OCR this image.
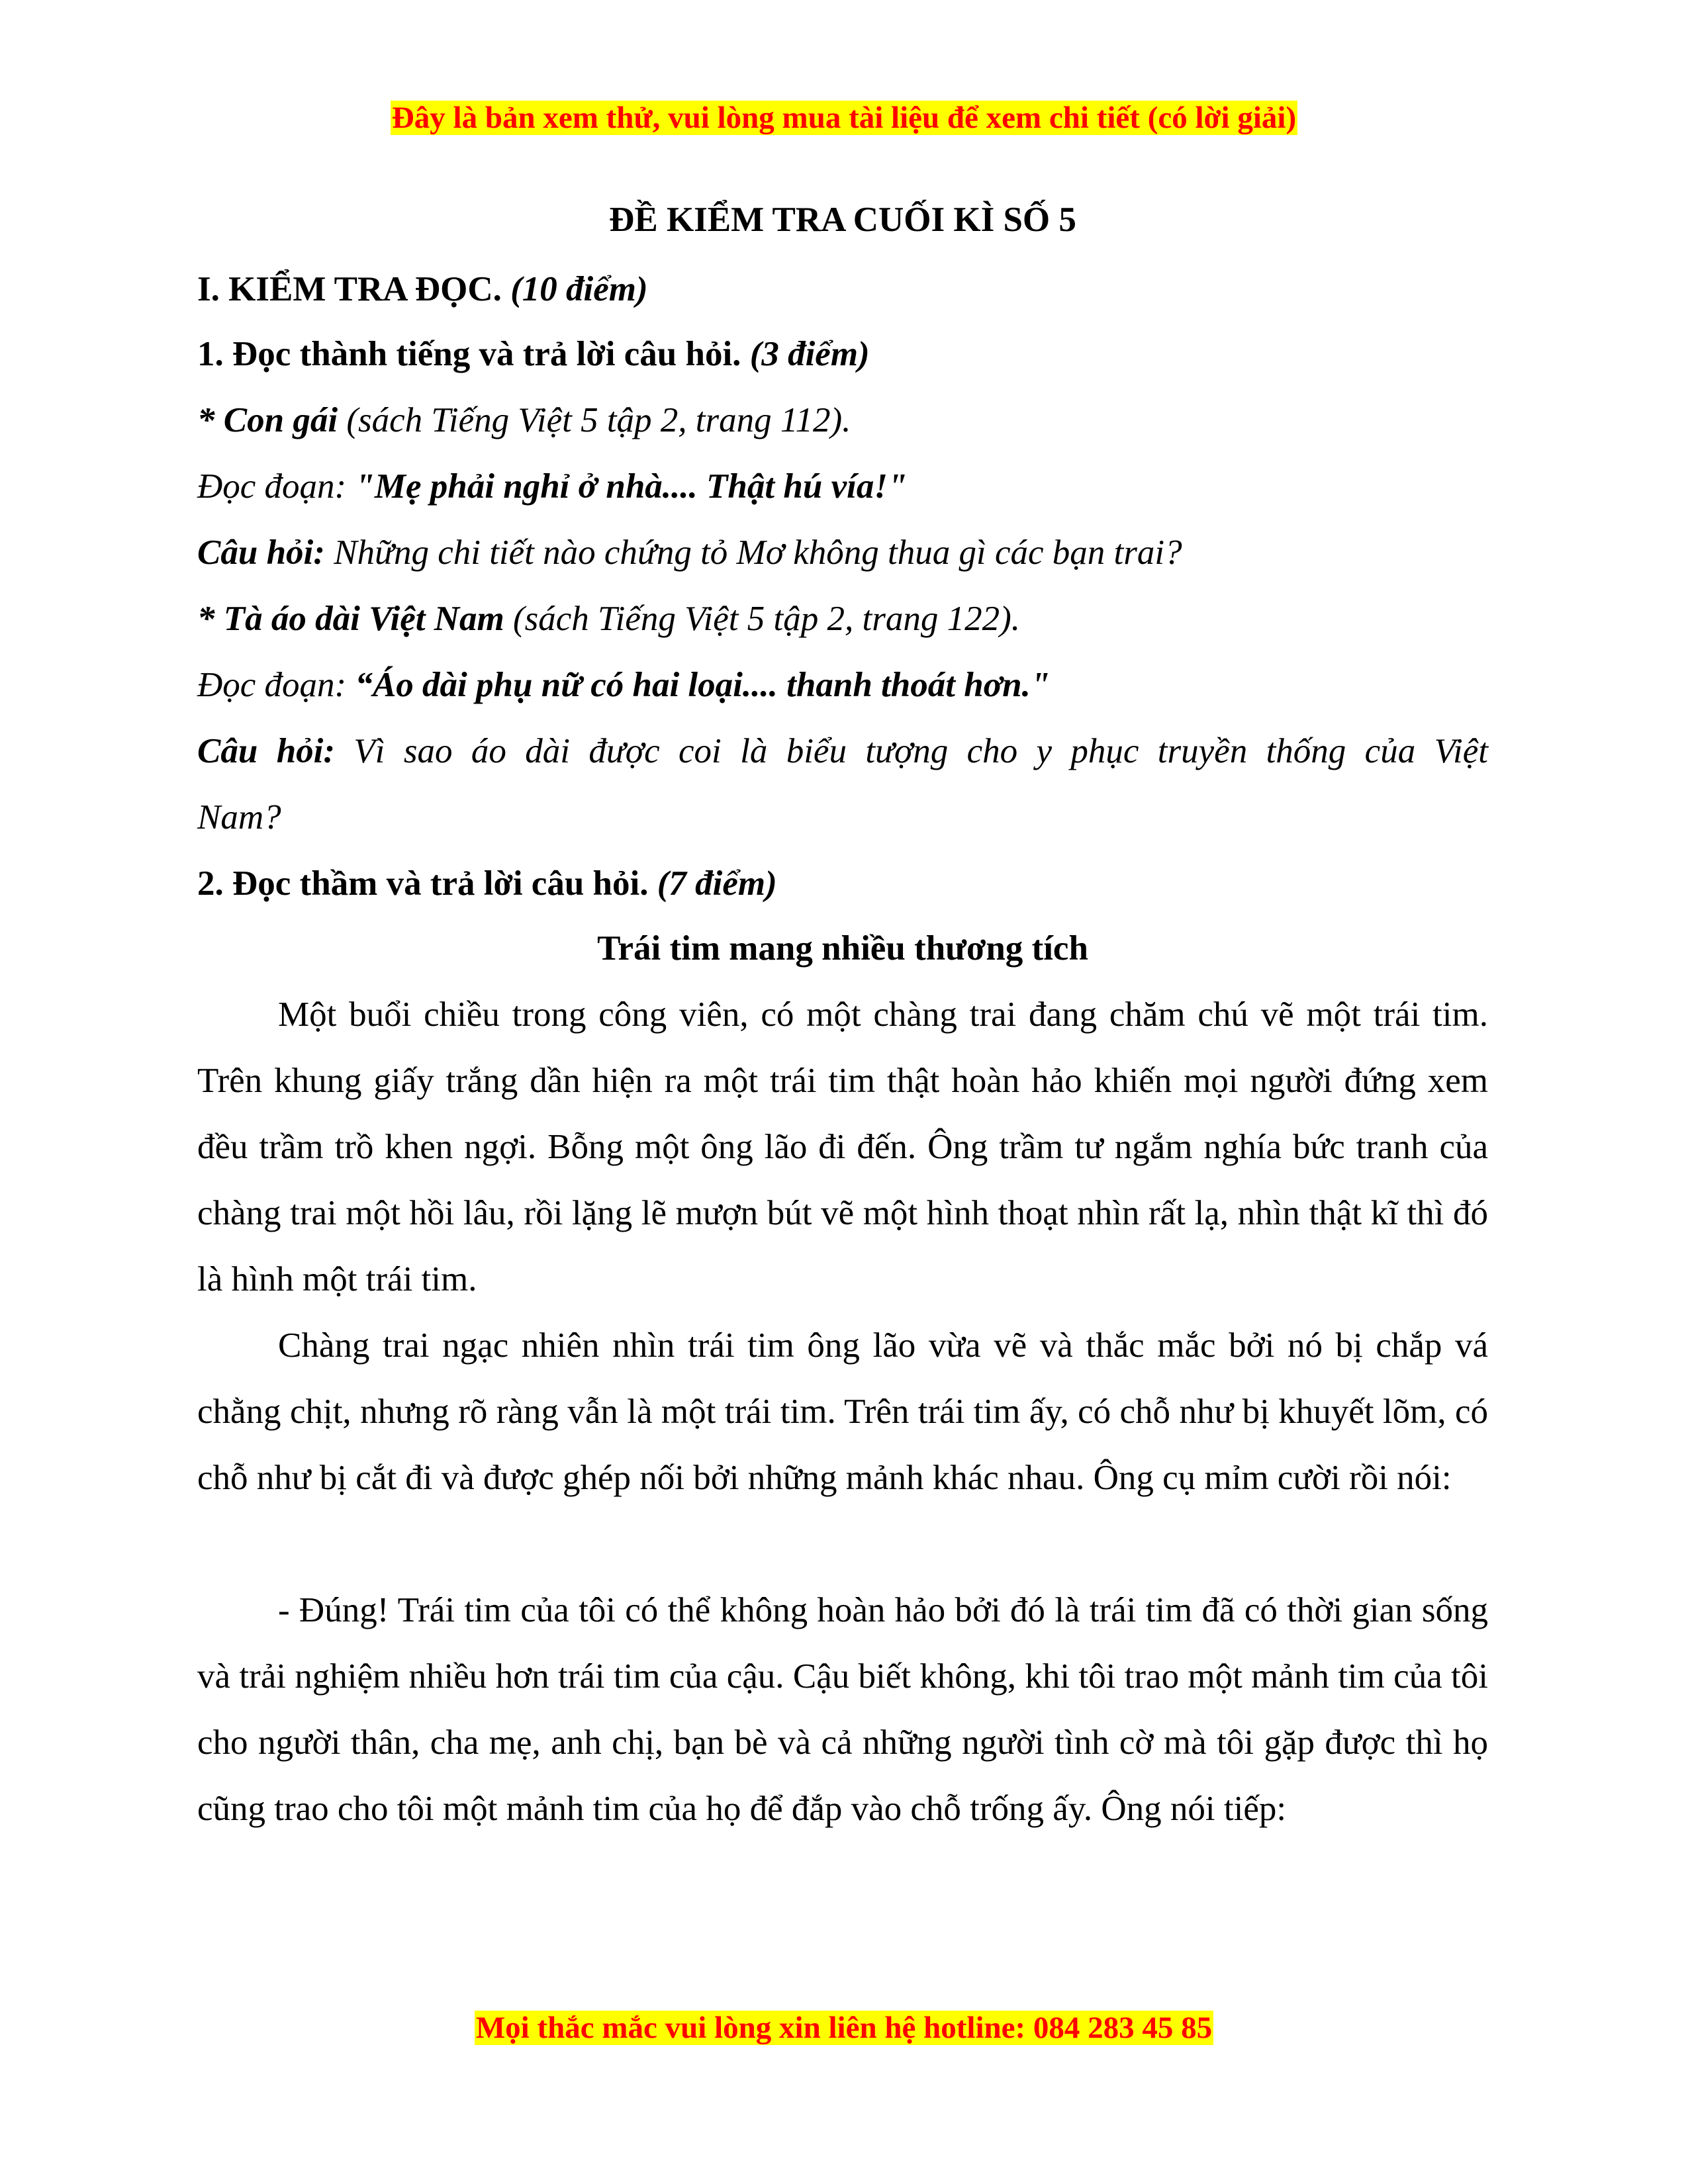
Đây là bản xem thử, vui lòng mua tài liệu để xem chi tiết (có lời giải)
ĐỀ KIỂM TRA CUỐI KÌ SỐ 5
I. KIỂM TRA ĐỌC. (10 điểm)
1. Đọc thành tiếng và trả lời câu hỏi. (3 điểm)
* Con gái (sách Tiếng Việt 5 tập 2, trang 112).
Đọc đoạn: "Mẹ phải nghỉ ở nhà.... Thật hú vía!"
Câu hỏi: Những chi tiết nào chứng tỏ Mơ không thua gì các bạn trai?
* Tà áo dài Việt Nam (sách Tiếng Việt 5 tập 2, trang 122).
Đọc đoạn: “Áo dài phụ nữ có hai loại.... thanh thoát hơn."
Câu hỏi: Vì sao áo dài được coi là biểu tượng cho y phục truyền thống của Việt
Nam?
2. Đọc thầm và trả lời câu hỏi. (7 điểm)
Trái tim mang nhiều thương tích

Một buổi chiều trong công viên, có một chàng trai đang chăm chú vẽ một trái tim. Trên khung giấy trắng dần hiện ra một trái tim thật hoàn hảo khiến mọi người đứng xem đều trầm trồ khen ngợi. Bỗng một ông lão đi đến. Ông trầm tư ngắm nghía bức tranh của chàng trai một hồi lâu, rồi lặng lẽ mượn bút vẽ một hình thoạt nhìn rất lạ, nhìn thật kĩ thì đó là hình một trái tim.

Chàng trai ngạc nhiên nhìn trái tim ông lão vừa vẽ và thắc mắc bởi nó bị chắp vá chằng chịt, nhưng rõ ràng vẫn là một trái tim. Trên trái tim ấy, có chỗ như bị khuyết lõm, có chỗ như bị cắt đi và được ghép nối bởi những mảnh khác nhau. Ông cụ mỉm cười rồi nói:

- Đúng! Trái tim của tôi có thể không hoàn hảo bởi đó là trái tim đã có thời gian sống và trải nghiệm nhiều hơn trái tim của cậu. Cậu biết không, khi tôi trao một mảnh tim của tôi cho người thân, cha mẹ, anh chị, bạn bè và cả những người tình cờ mà tôi gặp được thì họ cũng trao cho tôi một mảnh tim của họ để đắp vào chỗ trống ấy. Ông nói tiếp:

Mọi thắc mắc vui lòng xin liên hệ hotline: 084 283 45 85
